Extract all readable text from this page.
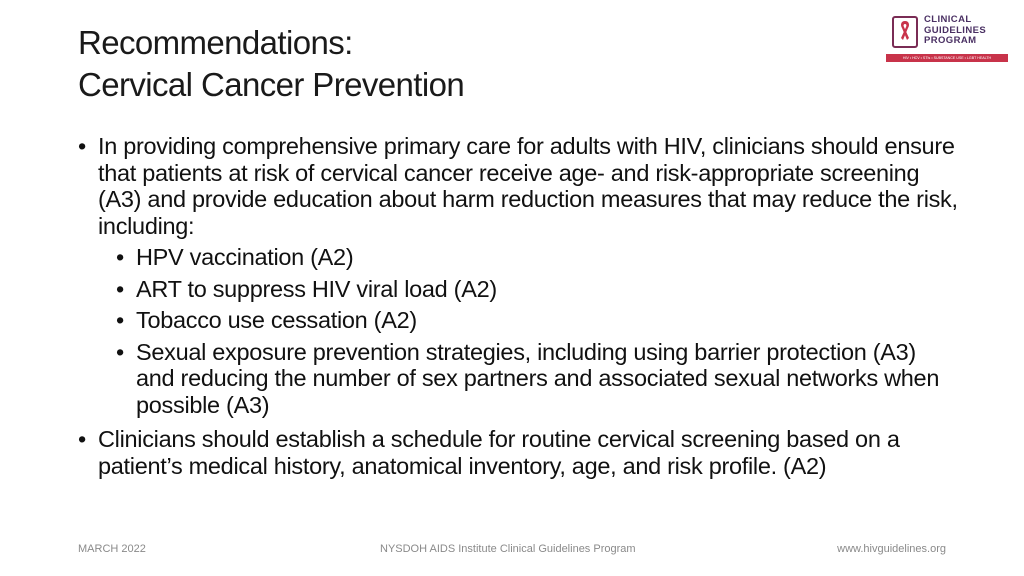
Recommendations:
Cervical Cancer Prevention
CLINICAL
GUIDELINES
PROGRAM
HIV • HCV • STIs • SUBSTANCE USE • LGBT HEALTH
• In providing comprehensive primary care for adults with HIV, clinicians should ensure that patients at risk of cervical cancer receive age- and risk-appropriate screening (A3) and provide education about harm reduction measures that may reduce the risk, including:
• HPV vaccination (A2)
• ART to suppress HIV viral load (A2)
• Tobacco use cessation (A2)
• Sexual exposure prevention strategies, including using barrier protection (A3) and reducing the number of sex partners and associated sexual networks when possible (A3)
• Clinicians should establish a schedule for routine cervical screening based on a patient’s medical history, anatomical inventory, age, and risk profile. (A2)
MARCH 2022	NYSDOH AIDS Institute Clinical Guidelines Program	www.hivguidelines.org
